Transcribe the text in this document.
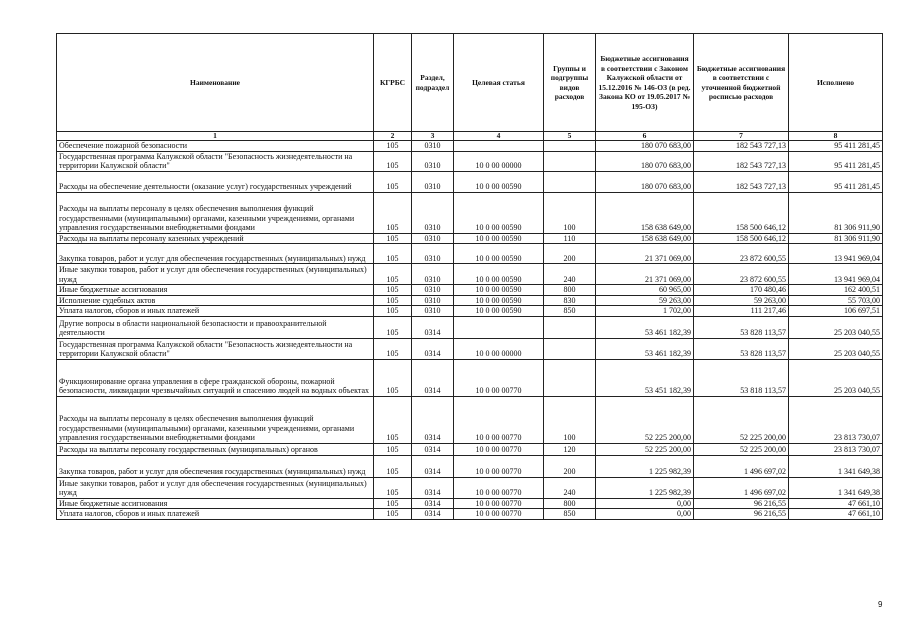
Наименование	КГРБС	Раздел, подраздел	Целевая статья	Группы и подгруппы видов расходов	Бюджетные ассигнования в соответствии с Законом Калужской области от 15.12.2016 № 146-ОЗ (в ред. Закона КО от 19.05.2017 № 195-ОЗ)	Бюджетные ассигнования в соответствии с уточненной бюджетной росписью расходов	Исполнено
1	2	3	4	5	6	7	8
Обеспечение пожарной безопасности	105	0310			180 070 683,00	182 543 727,13	95 411 281,45
Государственная программа Калужской области "Безопасность жизнедеятельности на территории Калужской области"	105	0310	10 0 00 00000		180 070 683,00	182 543 727,13	95 411 281,45
Расходы на обеспечение деятельности (оказание услуг) государственных учреждений	105	0310	10 0 00 00590		180 070 683,00	182 543 727,13	95 411 281,45
Расходы на выплаты персоналу в целях обеспечения выполнения функций государственными (муниципальными) органами, казенными учреждениями, органами управления государственными внебюджетными фондами	105	0310	10 0 00 00590	100	158 638 649,00	158 500 646,12	81 306 911,90
Расходы на выплаты персоналу казенных учреждений	105	0310	10 0 00 00590	110	158 638 649,00	158 500 646,12	81 306 911,90
Закупка товаров, работ и услуг для обеспечения государственных (муниципальных) нужд	105	0310	10 0 00 00590	200	21 371 069,00	23 872 600,55	13 941 969,04
Иные закупки товаров, работ и услуг для обеспечения государственных (муниципальных) нужд	105	0310	10 0 00 00590	240	21 371 069,00	23 872 600,55	13 941 969,04
Иные бюджетные ассигнования	105	0310	10 0 00 00590	800	60 965,00	170 480,46	162 400,51
Исполнение судебных актов	105	0310	10 0 00 00590	830	59 263,00	59 263,00	55 703,00
Уплата налогов, сборов и иных платежей	105	0310	10 0 00 00590	850	1 702,00	111 217,46	106 697,51
Другие вопросы в области национальной безопасности и правоохранительной деятельности	105	0314			53 461 182,39	53 828 113,57	25 203 040,55
Государственная программа Калужской области "Безопасность жизнедеятельности на территории Калужской области"	105	0314	10 0 00 00000		53 461 182,39	53 828 113,57	25 203 040,55
Функционирование органа управления в сфере гражданской обороны, пожарной безопасности, ликвидации чрезвычайных ситуаций и спасению людей на водных объектах	105	0314	10 0 00 00770		53 451 182,39	53 818 113,57	25 203 040,55
Расходы на выплаты персоналу в целях обеспечения выполнения функций государственными (муниципальными) органами, казенными учреждениями, органами управления государственными внебюджетными фондами	105	0314	10 0 00 00770	100	52 225 200,00	52 225 200,00	23 813 730,07
Расходы на выплаты персоналу государственных (муниципальных) органов	105	0314	10 0 00 00770	120	52 225 200,00	52 225 200,00	23 813 730,07
Закупка товаров, работ и услуг для обеспечения государственных (муниципальных) нужд	105	0314	10 0 00 00770	200	1 225 982,39	1 496 697,02	1 341 649,38
Иные закупки товаров, работ и услуг для обеспечения государственных (муниципальных) нужд	105	0314	10 0 00 00770	240	1 225 982,39	1 496 697,02	1 341 649,38
Иные бюджетные ассигнования	105	0314	10 0 00 00770	800	0,00	96 216,55	47 661,10
Уплата налогов, сборов и иных платежей	105	0314	10 0 00 00770	850	0,00	96 216,55	47 661,10
9
